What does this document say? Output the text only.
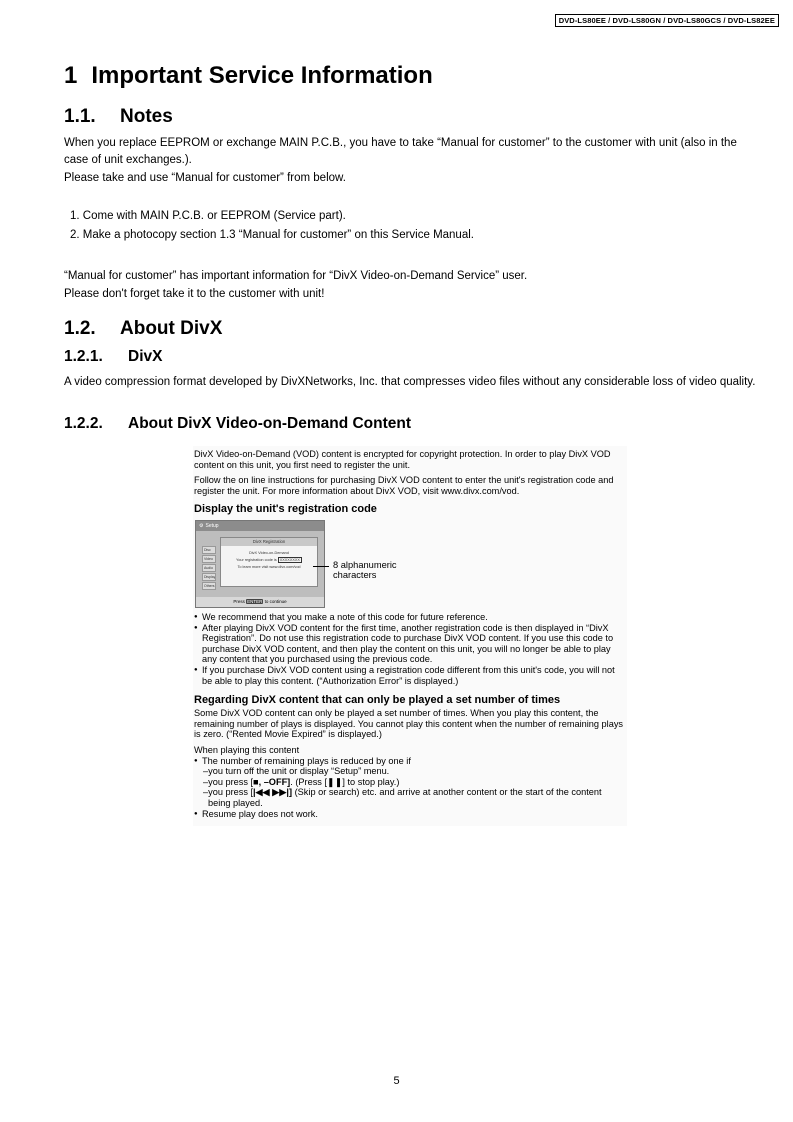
DVD-LS80EE / DVD-LS80GN / DVD-LS80GCS / DVD-LS82EE
1 Important Service Information
1.1. Notes

When you replace EEPROM or exchange MAIN P.C.B., you have to take “Manual for customer” to the customer with unit (also in the case of unit exchanges.).

Please take and use “Manual for customer” from below.

1. Come with MAIN P.C.B. or EEPROM (Service part).
2. Make a photocopy section 1.3 “Manual for customer” on this Service Manual.

“Manual for customer” has important information for “DivX Video-on-Demand Service” user.

Please don't forget take it to the customer with unit!

1.2. About DivX
1.2.1. DivX

A video compression format developed by DivXNetworks, Inc. that compresses video files without any considerable loss of video quality.

1.2.2. About DivX Video-on-Demand Content

DivX Video-on-Demand (VOD) content is encrypted for copyright protection. In order to play DivX VOD content on this unit, you first need to register the unit.

Follow the on line instructions for purchasing DivX VOD content to enter the unit's registration code and register the unit. For more information about DivX VOD, visit www.divx.com/vod.

Display the unit's registration code

● We recommend that you make a note of this code for future reference.
● After playing DivX VOD content for the first time, another registration code is then displayed in “DivX Registration”. Do not use this registration code to purchase DivX VOD content. If you use this code to purchase DivX VOD content, and then play the content on this unit, you will no longer be able to play any content that you purchased using the previous code.
● If you purchase DivX VOD content using a registration code different from this unit's code, you will not be able to play this content. (“Authorization Error” is displayed.)

Regarding DivX content that can only be played a set number of times

Some DivX VOD content can only be played a set number of times. When you play this content, the remaining number of plays is displayed. You cannot play this content when the number of remaining plays is zero. (“Rented Movie Expired” is displayed.)

When playing this content
● The number of remaining plays is reduced by one if
–you turn off the unit or display “Setup” menu.
–you press [■, –OFF]. (Press [❚❚] to stop play.)
–you press [|◀◀ ▶▶|] (Skip or search) etc. and arrive at another content or the start of the content
being played.
● Resume play does not work.
⚙ Setup
Disc
Video
Audio
Display
Others
DivX Registration
DivX Video-on-Demand
Your registration code is XXXXXXXX
To learn more visit www.divx.com/vod
Press ENTER to continue
8 alphanumeric
characters
5
